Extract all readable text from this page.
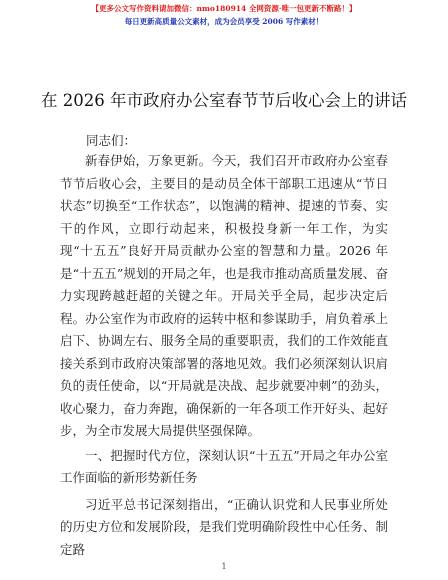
【更多公文写作资料请加微信：nmo180914 全网资源·唯一包更新不断路！】
每日更新高质量公文素材，成为会员享受 2006 写作素材！
在 2026 年市政府办公室春节节后收心会上的讲话
同志们：

新春伊始，万象更新。今天，我们召开市政府办公室春节节后收心会，主要目的是动员全体干部职工迅速从“节日状态”切换至“工作状态”，以饱满的精神、提速的节奏、实干的作风，立即行动起来，积极投身新一年工作，为实现“十五五”良好开局贡献办公室的智慧和力量。2026 年是“十五五”规划的开局之年，也是我市推动高质量发展、奋力实现跨越赶超的关键之年。开局关乎全局，起步决定后程。办公室作为市政府的运转中枢和参谋助手，肩负着承上启下、协调左右、服务全局的重要职责，我们的工作效能直接关系到市政府决策部署的落地见效。我们必须深刻认识肩负的责任使命，以“开局就是决战、起步就要冲刺”的劲头，收心聚力，奋力奔跑，确保新的一年各项工作开好头、起好步，为全市发展大局提供坚强保障。

一、把握时代方位，深刻认识“十五五”开局之年办公室工作面临的新形势新任务

习近平总书记深刻指出，“正确认识党和人民事业所处的历史方位和发展阶段，是我们党明确阶段性中心任务、制定路

1
